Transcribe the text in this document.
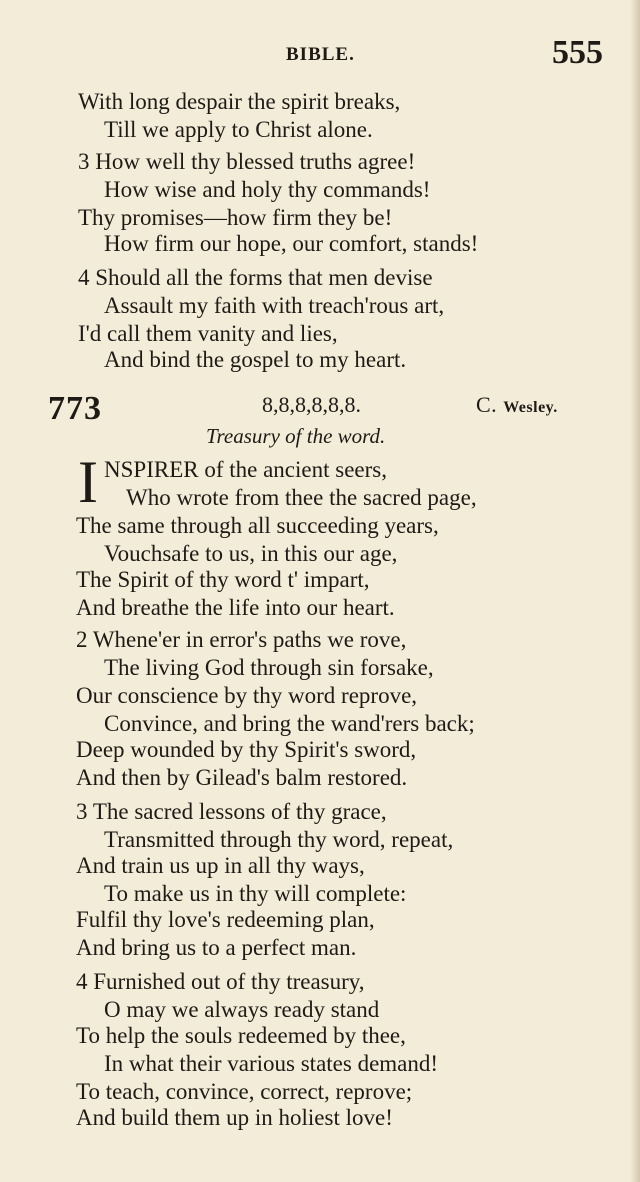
BIBLE.	555
With long despair the spirit breaks,
Till we apply to Christ alone.
3 How well thy blessed truths agree!
How wise and holy thy commands!
Thy promises—how firm they be!
How firm our hope, our comfort, stands!
4 Should all the forms that men devise
Assault my faith with treach'rous art,
I'd call them vanity and lies,
And bind the gospel to my heart.
773	8,8,8,8,8,8.	C. Wesley.
Treasury of the word.
I NSPIRER of the ancient seers,
Who wrote from thee the sacred page,
The same through all succeeding years,
Vouchsafe to us, in this our age,
The Spirit of thy word t' impart,
And breathe the life into our heart.
2 Whene'er in error's paths we rove,
The living God through sin forsake,
Our conscience by thy word reprove,
Convince, and bring the wand'rers back;
Deep wounded by thy Spirit's sword,
And then by Gilead's balm restored.
3 The sacred lessons of thy grace,
Transmitted through thy word, repeat,
And train us up in all thy ways,
To make us in thy will complete:
Fulfil thy love's redeeming plan,
And bring us to a perfect man.
4 Furnished out of thy treasury,
O may we always ready stand
To help the souls redeemed by thee,
In what their various states demand!
To teach, convince, correct, reprove;
And build them up in holiest love!
